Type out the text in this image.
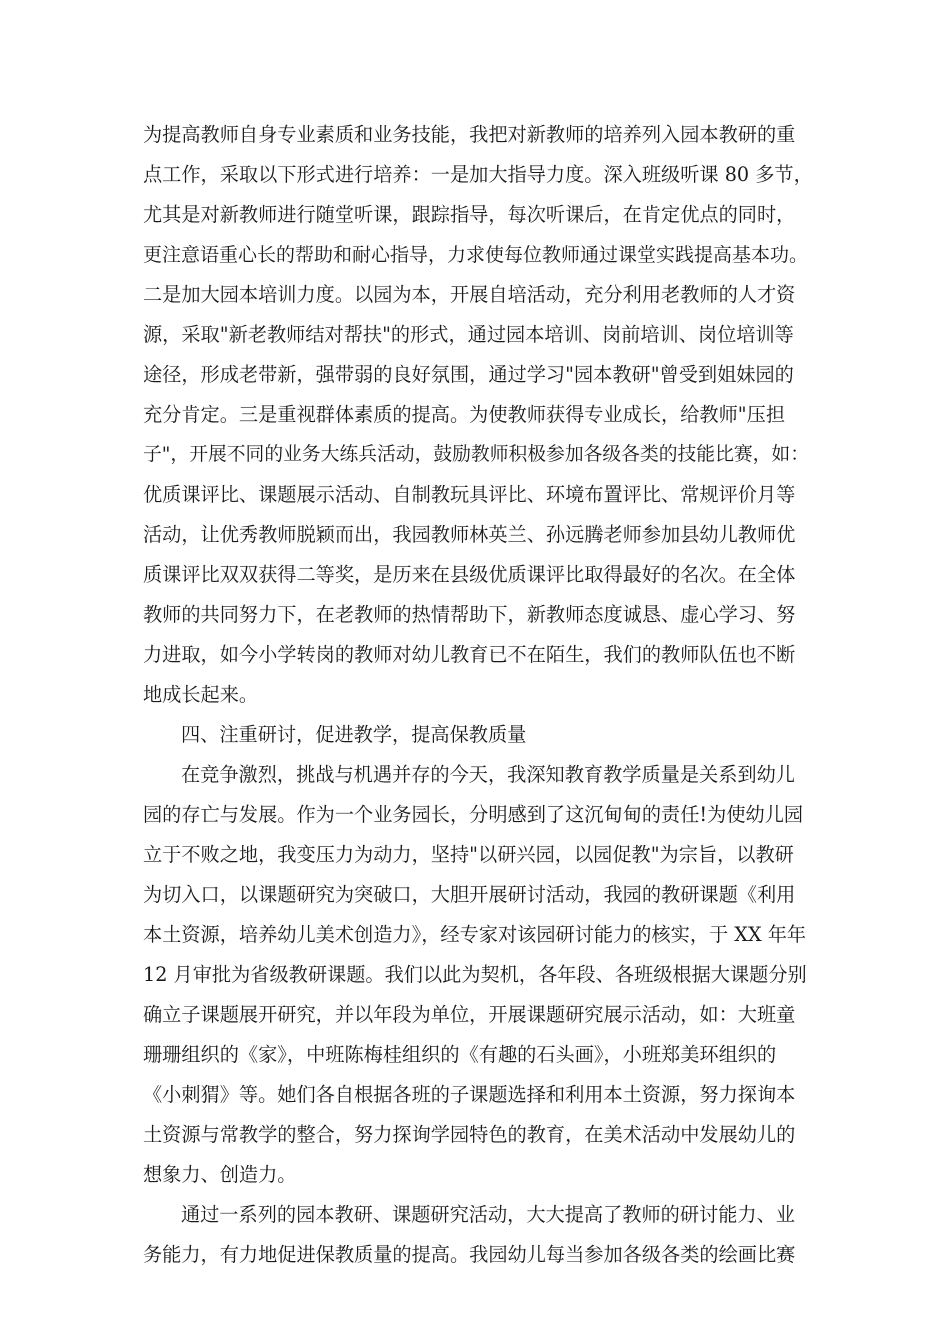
为提高教师自身专业素质和业务技能，我把对新教师的培养列入园本教研的重
点工作，采取以下形式进行培养：一是加大指导力度。深入班级听课 80 多节，
尤其是对新教师进行随堂听课，跟踪指导，每次听课后，在肯定优点的同时，
更注意语重心长的帮助和耐心指导，力求使每位教师通过课堂实践提高基本功。
二是加大园本培训力度。以园为本，开展自培活动，充分利用老教师的人才资
源，采取"新老教师结对帮扶"的形式，通过园本培训、岗前培训、岗位培训等
途径，形成老带新，强带弱的良好氛围，通过学习"园本教研"曾受到姐妹园的
充分肯定。三是重视群体素质的提高。为使教师获得专业成长，给教师"压担
子"，开展不同的业务大练兵活动，鼓励教师积极参加各级各类的技能比赛，如：
优质课评比、课题展示活动、自制教玩具评比、环境布置评比、常规评价月等
活动，让优秀教师脱颖而出，我园教师林英兰、孙远腾老师参加县幼儿教师优
质课评比双双获得二等奖，是历来在县级优质课评比取得最好的名次。在全体
教师的共同努力下，在老教师的热情帮助下，新教师态度诚恳、虚心学习、努
力进取，如今小学转岗的教师对幼儿教育已不在陌生，我们的教师队伍也不断
地成长起来。
四、注重研讨，促进教学，提高保教质量
在竞争激烈，挑战与机遇并存的今天，我深知教育教学质量是关系到幼儿
园的存亡与发展。作为一个业务园长，分明感到了这沉甸甸的责任!为使幼儿园
立于不败之地，我变压力为动力，坚持"以研兴园，以园促教"为宗旨，以教研
为切入口，以课题研究为突破口，大胆开展研讨活动，我园的教研课题《利用
本土资源，培养幼儿美术创造力》，经专家对该园研讨能力的核实，于 XX 年年
12 月审批为省级教研课题。我们以此为契机，各年段、各班级根据大课题分别
确立子课题展开研究，并以年段为单位，开展课题研究展示活动，如：大班童
珊珊组织的《家》，中班陈梅桂组织的《有趣的石头画》，小班郑美环组织的
《小刺猬》等。她们各自根据各班的子课题选择和利用本土资源，努力探询本
土资源与常教学的整合，努力探询学园特色的教育，在美术活动中发展幼儿的
想象力、创造力。
通过一系列的园本教研、课题研究活动，大大提高了教师的研讨能力、业
务能力，有力地促进保教质量的提高。我园幼儿每当参加各级各类的绘画比赛
